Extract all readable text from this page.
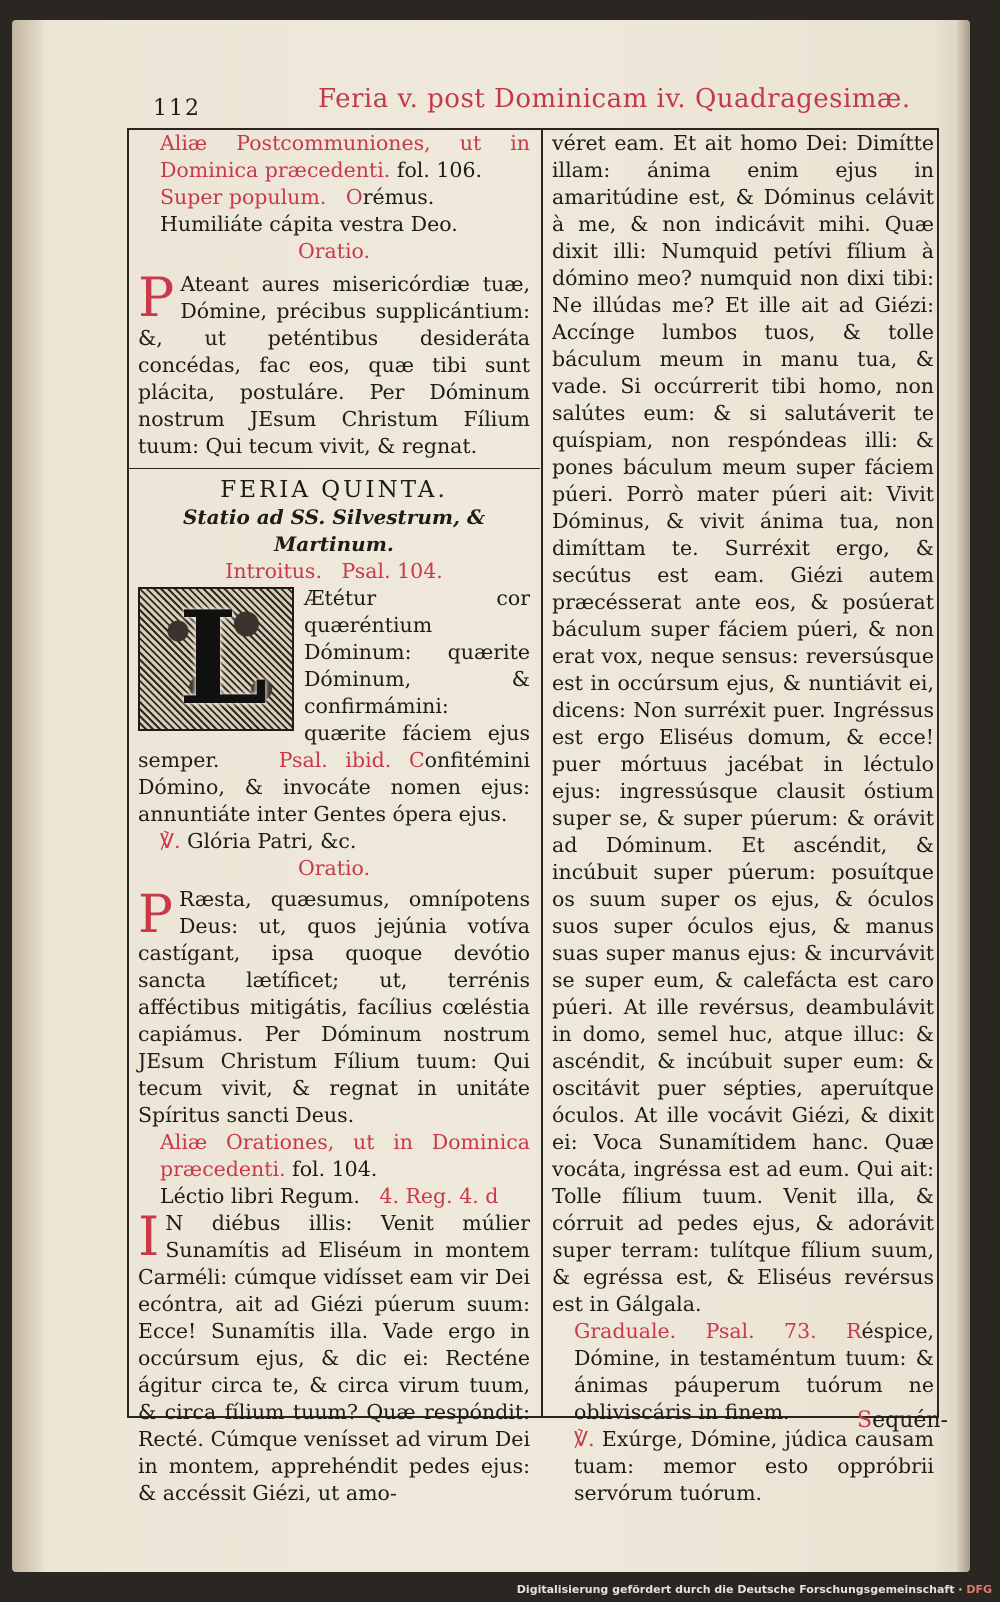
112	Feria v. post Dominicam iv. Quadragesimæ.

Aliæ Postcommuniones, ut in Dominica præcedenti. fol. 106.

Super populum. Orémus.

Humiliáte cápita vestra Deo.

Oratio.

P Ateant aures misericórdiæ tuæ, Dómine, précibus supplicántium: &, ut peténtibus desideráta concédas, fac eos, quæ tibi sunt plácita, postuláre. Per Dóminum nostrum JEsum Christum Fílium tuum: Qui tecum vivit, & regnat.

FERIA QUINTA.

Statio ad SS. Silvestrum, & Martinum.

Introitus. Psal. 104.

L Ætétur cor quæréntium Dóminum: quærite Dóminum, & confirmámini: quærite fáciem ejus semper.	Psal. ibid. Confitémini Dómino, & invocáte nomen ejus: annuntiáte inter Gentes ópera ejus.

℣. Glória Patri, &c.

Oratio.

P Ræsta, quæsumus, omnípotens Deus: ut, quos jejúnia votíva castígant, ipsa quoque devótio sancta lætíficet; ut, terrénis afféctibus mitigátis, facílius cœléstia capiámus. Per Dóminum nostrum JEsum Christum Fílium tuum: Qui tecum vivit, & regnat in unitáte Spíritus sancti Deus.

Aliæ Orationes, ut in Dominica præcedenti. fol. 104.

Léctio libri Regum. 4. Reg. 4. d

I N diébus illis: Venit múlier Sunamítis ad Eliséum in montem Carméli: cúmque vidísset eam vir Dei ecóntra, ait ad Giézi púerum suum: Ecce! Sunamítis illa. Vade ergo in occúrsum ejus, & dic ei: Recténe ágitur circa te, & circa virum tuum, & circa fílium tuum? Quæ respóndit: Recté. Cúmque venísset ad virum Dei in montem, apprehéndit pedes ejus: & accéssit Giézi, ut amo-

véret eam. Et ait homo Dei: Dimítte illam: ánima enim ejus in amaritúdine est, & Dóminus celávit à me, & non indicávit mihi. Quæ dixit illi: Numquid petívi fílium à dómino meo? numquid non dixi tibi: Ne illúdas me? Et ille ait ad Giézi: Accínge lumbos tuos, & tolle báculum meum in manu tua, & vade. Si occúrrerit tibi homo, non salútes eum: & si salutáverit te quíspiam, non respóndeas illi: & pones báculum meum super fáciem púeri. Porrò mater púeri ait: Vivit Dóminus, & vivit ánima tua, non dimíttam te. Surréxit ergo, & secútus est eam. Giézi autem præcésserat ante eos, & posúerat báculum super fáciem púeri, & non erat vox, neque sensus: reversúsque est in occúrsum ejus, & nuntiávit ei, dicens: Non surréxit puer. Ingréssus est ergo Eliséus domum, & ecce! puer mórtuus jacébat in léctulo ejus: ingressúsque clausit óstium super se, & super púerum: & orávit ad Dóminum. Et ascéndit, & incúbuit super púerum: posuítque os suum super os ejus, & óculos suos super óculos ejus, & manus suas super manus ejus: & incurvávit se super eum, & calefácta est caro púeri. At ille revérsus, deambulávit in domo, semel huc, atque illuc: & ascéndit, & incúbuit super eum: & oscitávit puer sépties, aperuítque óculos. At ille vocávit Giézi, & dixit ei: Voca Sunamítidem hanc. Quæ vocáta, ingréssa est ad eum. Qui ait: Tolle fílium tuum. Venit illa, & córruit ad pedes ejus, & adorávit super terram: tulítque fílium suum, & egréssa est, & Eliséus revérsus est in Gálgala.

Graduale. Psal. 73. Réspice, Dómine, in testaméntum tuum: & ánimas páuperum tuórum ne obliviscáris in finem.

℣. Exúrge, Dómine, júdica causam tuam: memor esto oppróbrii servórum tuórum.

Sequén-
Digitalisierung gefördert durch die Deutsche Forschungsgemeinschaft · DFG
